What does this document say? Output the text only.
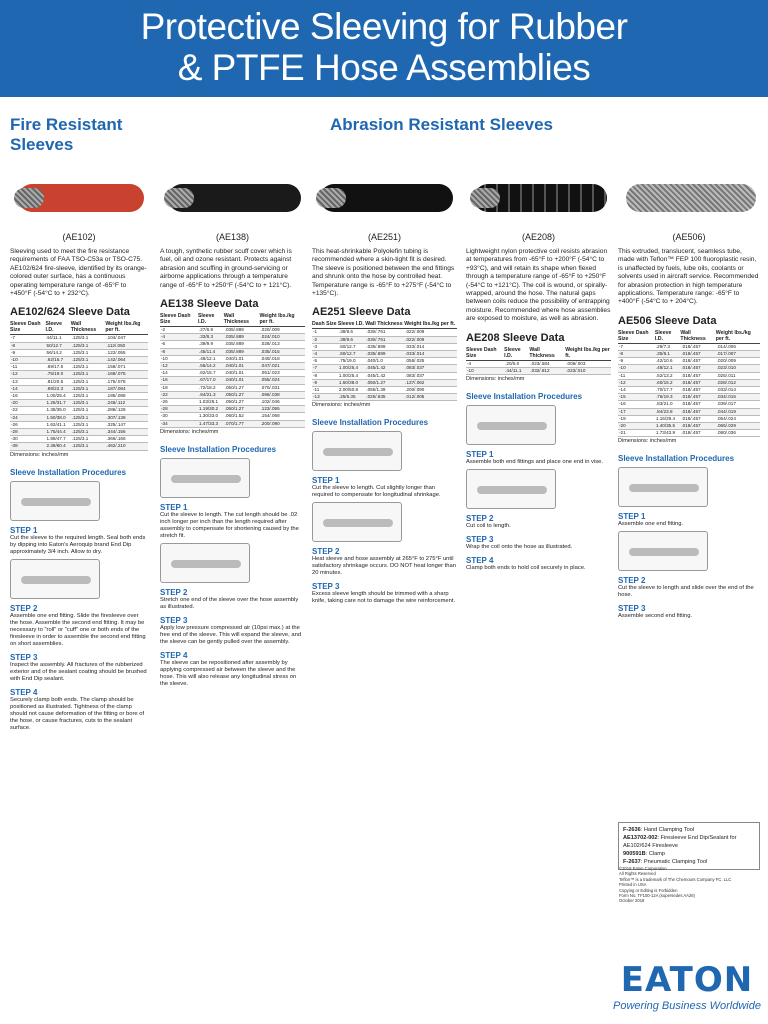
Protective Sleeving for Rubber
& PTFE Hose Assemblies
Fire Resistant Sleeves
Abrasion Resistant Sleeves
(AE102)

Sleeving used to meet the fire resistance requirements of FAA TSO-C53a or TSO-C75. AE102/624 fire-sleeve, identified by its orange-colored outer surface, has a continuous operating temperature range of -65°F to +450°F (-54°C to + 232°C).

AE102/624 Sleeve Data
Sleeve Dash Size	Sleeve I.D.	Wall Thickness	Weight lbs./kg per ft.
-7	44/11.1	.125/3.1	.104/.047
-8	50/12.7	.125/3.1	.112/.050
-9	56/14.2	.125/3.1	.122/.055
-10	.62/15.7	.125/3.1	.142/.064
-11	.69/17.5	.125/3.1	.158/.071
-12	.75/19.0	.125/3.1	.168/.075
-13	.81/20.5	.125/3.1	.175/.078
-14	.88/22.3	.125/3.1	.187/.084
-16	1.00/25.4	.125/3.1	.195/.088
-20	1.25/31.7	.125/3.1	.246/.112
-22	1.38/35.0	.125/3.1	.286/.128
-24	1.50/38.0	.125/3.1	.307/.138
-26	1.62/41.1	.125/3.1	.325/.147
-28	1.75/44.4	.125/3.1	.344/.156
-30	1.88/47.7	.125/3.1	.366/.166
-38	2.38/60.4	.125/3.1	.462/.210
Dimensions: inches/mm
Sleeve Installation Procedures
STEP 1
Cut the sleeve to the required length. Seal both ends by dipping into Eaton's Aeroquip brand End Dip approximately 3/4 inch. Allow to dry.
STEP 2
Assemble one end fitting. Slide the firesleeve over the hose. Assemble the second end fitting. It may be necessary to "roll" or "cuff" one or both ends of the firesleeve in order to assemble the second end fitting on short assemblies.
STEP 3
Inspect the assembly. All fractures of the rubberized exterior and of the sealant coating should be brushed with End Dip sealant.
STEP 4
Securely clamp both ends. The clamp should be positioned as illustrated. Tightness of the clamp should not cause deformation of the fitting or bore of the hose, or cause fractures, cuts to the sealant surface.
(AE138)

A tough, synthetic rubber scuff cover which is fuel, oil and ozone resistant. Protects against abrasion and scuffing in ground-servicing or airborne applications through a temperature range of -65°F to +250°F (-54°C to + 121°C).

AE138 Sleeve Data
Sleeve Dash Size	Sleeve I.D.	Wall Thickness	Weight lbs./kg per ft.
-2	.27/6.8	.035/.889	.020/.009
-4	.33/8.3	.035/.889	.024/.010
-6	.39/9.9	.035/.889	.028/.013
-8	.45/11.4	.035/.889	.035/.015
-10	.48/12.1	.040/1.01	.040/.018
-12	.56/14.2	.040/1.01	.047/.021
-14	.62/15.7	.040/1.01	.051/.023
-16	.67/17.0	.040/1.01	.055/.024
-18	.72/18.2	.050/1.27	.070/.031
-22	.84/21.3	.050/1.27	.086/.038
-26	1.03/26.1	.050/1.27	.102/.046
-28	1.19/30.2	.050/1.27	.123/.055
-30	1.30/33.0	.060/1.52	.154/.068
-34	1.47/33.3	.070/1.77	.200/.090
Dimensions: inches/mm
Sleeve Installation Procedures
STEP 1
Cut the sleeve to length. The cut length should be .02 inch longer per inch than the length required after assembly to compensate for shortening caused by the stretch fit.
STEP 2
Stretch one end of the sleeve over the hose assembly as illustrated.
STEP 3
Apply low pressure compressed air (10psi max.) at the free end of the sleeve. This will expand the sleeve, and the sleeve can be gently pulled over the assembly.
STEP 4
The sleeve can be repositioned after assembly by applying compressed air between the sleeve and the hose. This will also release any longitudinal stress on the sleeve.
(AE251)

This heat-shrinkable Polyolefin tubing is recommended where a skin-tight fit is desired. The sleeve is positioned between the end fittings and shrunk onto the hose by controlled heat. Temperature range is -65°F to +275°F (-54°C to +135°C).

AE251 Sleeve Data
Dash Size	Sleeve I.D.	Wall Thickness	Weight lbs./kg per ft.
-1	.38/9.6	.030/.761	.022/.009
-2	.38/9.6	.030/.761	.022/.009
-3	.50/12.7	.035/.889	.033/.014
-4	.50/12.7	.035/.889	.033/.014
-5	.75/19.0	.040/1.0	.056/.025
-7	1.00/25.4	.045/1.42	.083/.037
-8	1.00/25.4	.045/1.42	.083/.037
-9	1.50/38.0	.050/1.27	.137/.062
-11	2.00/50.8	.055/1.39	.200/.090
-13	.25/6.35	.025/.635	.012/.005
Dimensions: inches/mm
Sleeve Installation Procedures
STEP 1
Cut the sleeve to length. Cut slightly longer than required to compensate for longitudinal shrinkage.
STEP 2
Heat sleeve and hose assembly at 265°F to 275°F until satisfactory shrinkage occurs. DO NOT heat longer than 20 minutes.
STEP 3
Excess sleeve length should be trimmed with a sharp knife, taking care not to damage the wire reinforcement.
(AE208)

Lightweight nylon protective coil resists abrasion at temperatures from -65°F to +200°F (-54°C to +93°C), and will retain its shape when flexed through a temperature range of -65°F to +250°F (-54°C to +121°C). The coil is wound, or spirally-wrapped, around the hose. The natural gaps between coils reduce the possibility of entrapping moisture. Recommended where hose assemblies are exposed to moisture, as well as abrasion.

AE208 Sleeve Data
Sleeve Dash Size	Sleeve I.D.	Wall Thickness	Weight lbs./kg per ft.
-4	.20/5.0	.023/.584	.008/.003
-10	.44/11.1	.032/.812	.023/.010
Dimensions: inches/mm
Sleeve Installation Procedures
STEP 1
Assemble both end fittings and place one end in vise.
STEP 2
Cut coil to length.
STEP 3
Wrap the coil onto the hose as illustrated.
STEP 4
Clamp both ends to hold coil securely in place.
(AE506)

This extruded, translucent, seamless tube, made with Teflon™ FEP 100 fluoroplastic resin, is unaffected by fuels, lube oils, coolants or solvents used in aircraft service. Recommended for abrasion protection in high temperature applications. Temperature range: -65°F to +400°F (-54°C to + 204°C).

AE506 Sleeve Data
Sleeve Dash Size	Sleeve I.D.	Wall Thickness	Weight lbs./kg per ft.
-7	.29/7.3	.018/.457	.014/.006
-8	.35/8.1	.018/.457	.017/.007
-9	.42/10.6	.018/.457	.020/.009
-10	.48/12.1	.018/.457	.023/.010
-11	.52/13.2	.018/.457	.025/.011
-12	.60/15.2	.018/.457	.028/.012
-14	.70/17.7	.018/.457	.033/.014
-15	.76/19.3	.018/.457	.034/.015
-16	.83/21.0	.018/.457	.039/.017
-17	.84/23.8	.018/.457	.044/.019
-19	1.16/29.4	.018/.457	.054/.024
-20	1.40/35.5	.018/.457	.066/.029
-21	1.73/43.9	.018/.457	.080/.036
Dimensions: inches/mm
Sleeve Installation Procedures
STEP 1
Assemble one end fitting.
STEP 2
Cut the sleeve to length and slide over the end of the hose.
STEP 3
Assemble second end fitting.
F-2636: Hand Clamping Tool
AE13702-002: Firesleeve End Dip/Sealant for AE102/624 Firesleeve
900591B: Clamp
F-2637: Pneumatic Clamping Tool
©2018 Eaton Corporation
All Rights Reserved
Teflon™ is a trademark of The Chemours Company FC, LLC
Printed in USA
Copying or Editing is Forbidden
Form No. TF100-12A (supersedes AA26)
October 2018
EATON
Powering Business Worldwide
